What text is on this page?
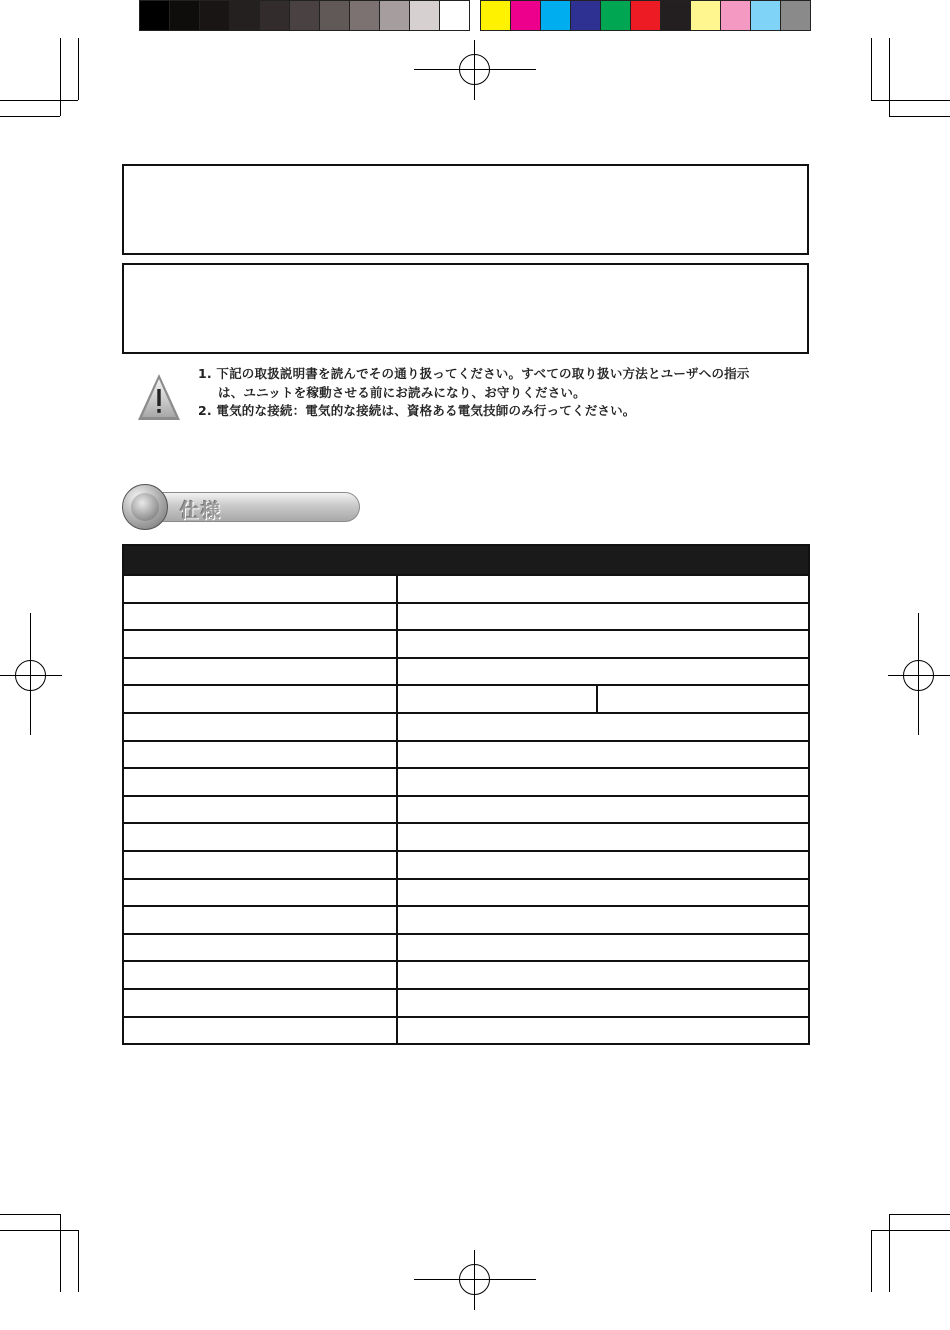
1. 下記の取扱説明書を読んでその通り扱ってください。すべての取り扱い方法とユーザへの指示
は、ユニットを稼動させる前にお読みになり、お守りください。
2. 電気的な接続：電気的な接続は、資格ある電気技師のみ行ってください。
仕様
